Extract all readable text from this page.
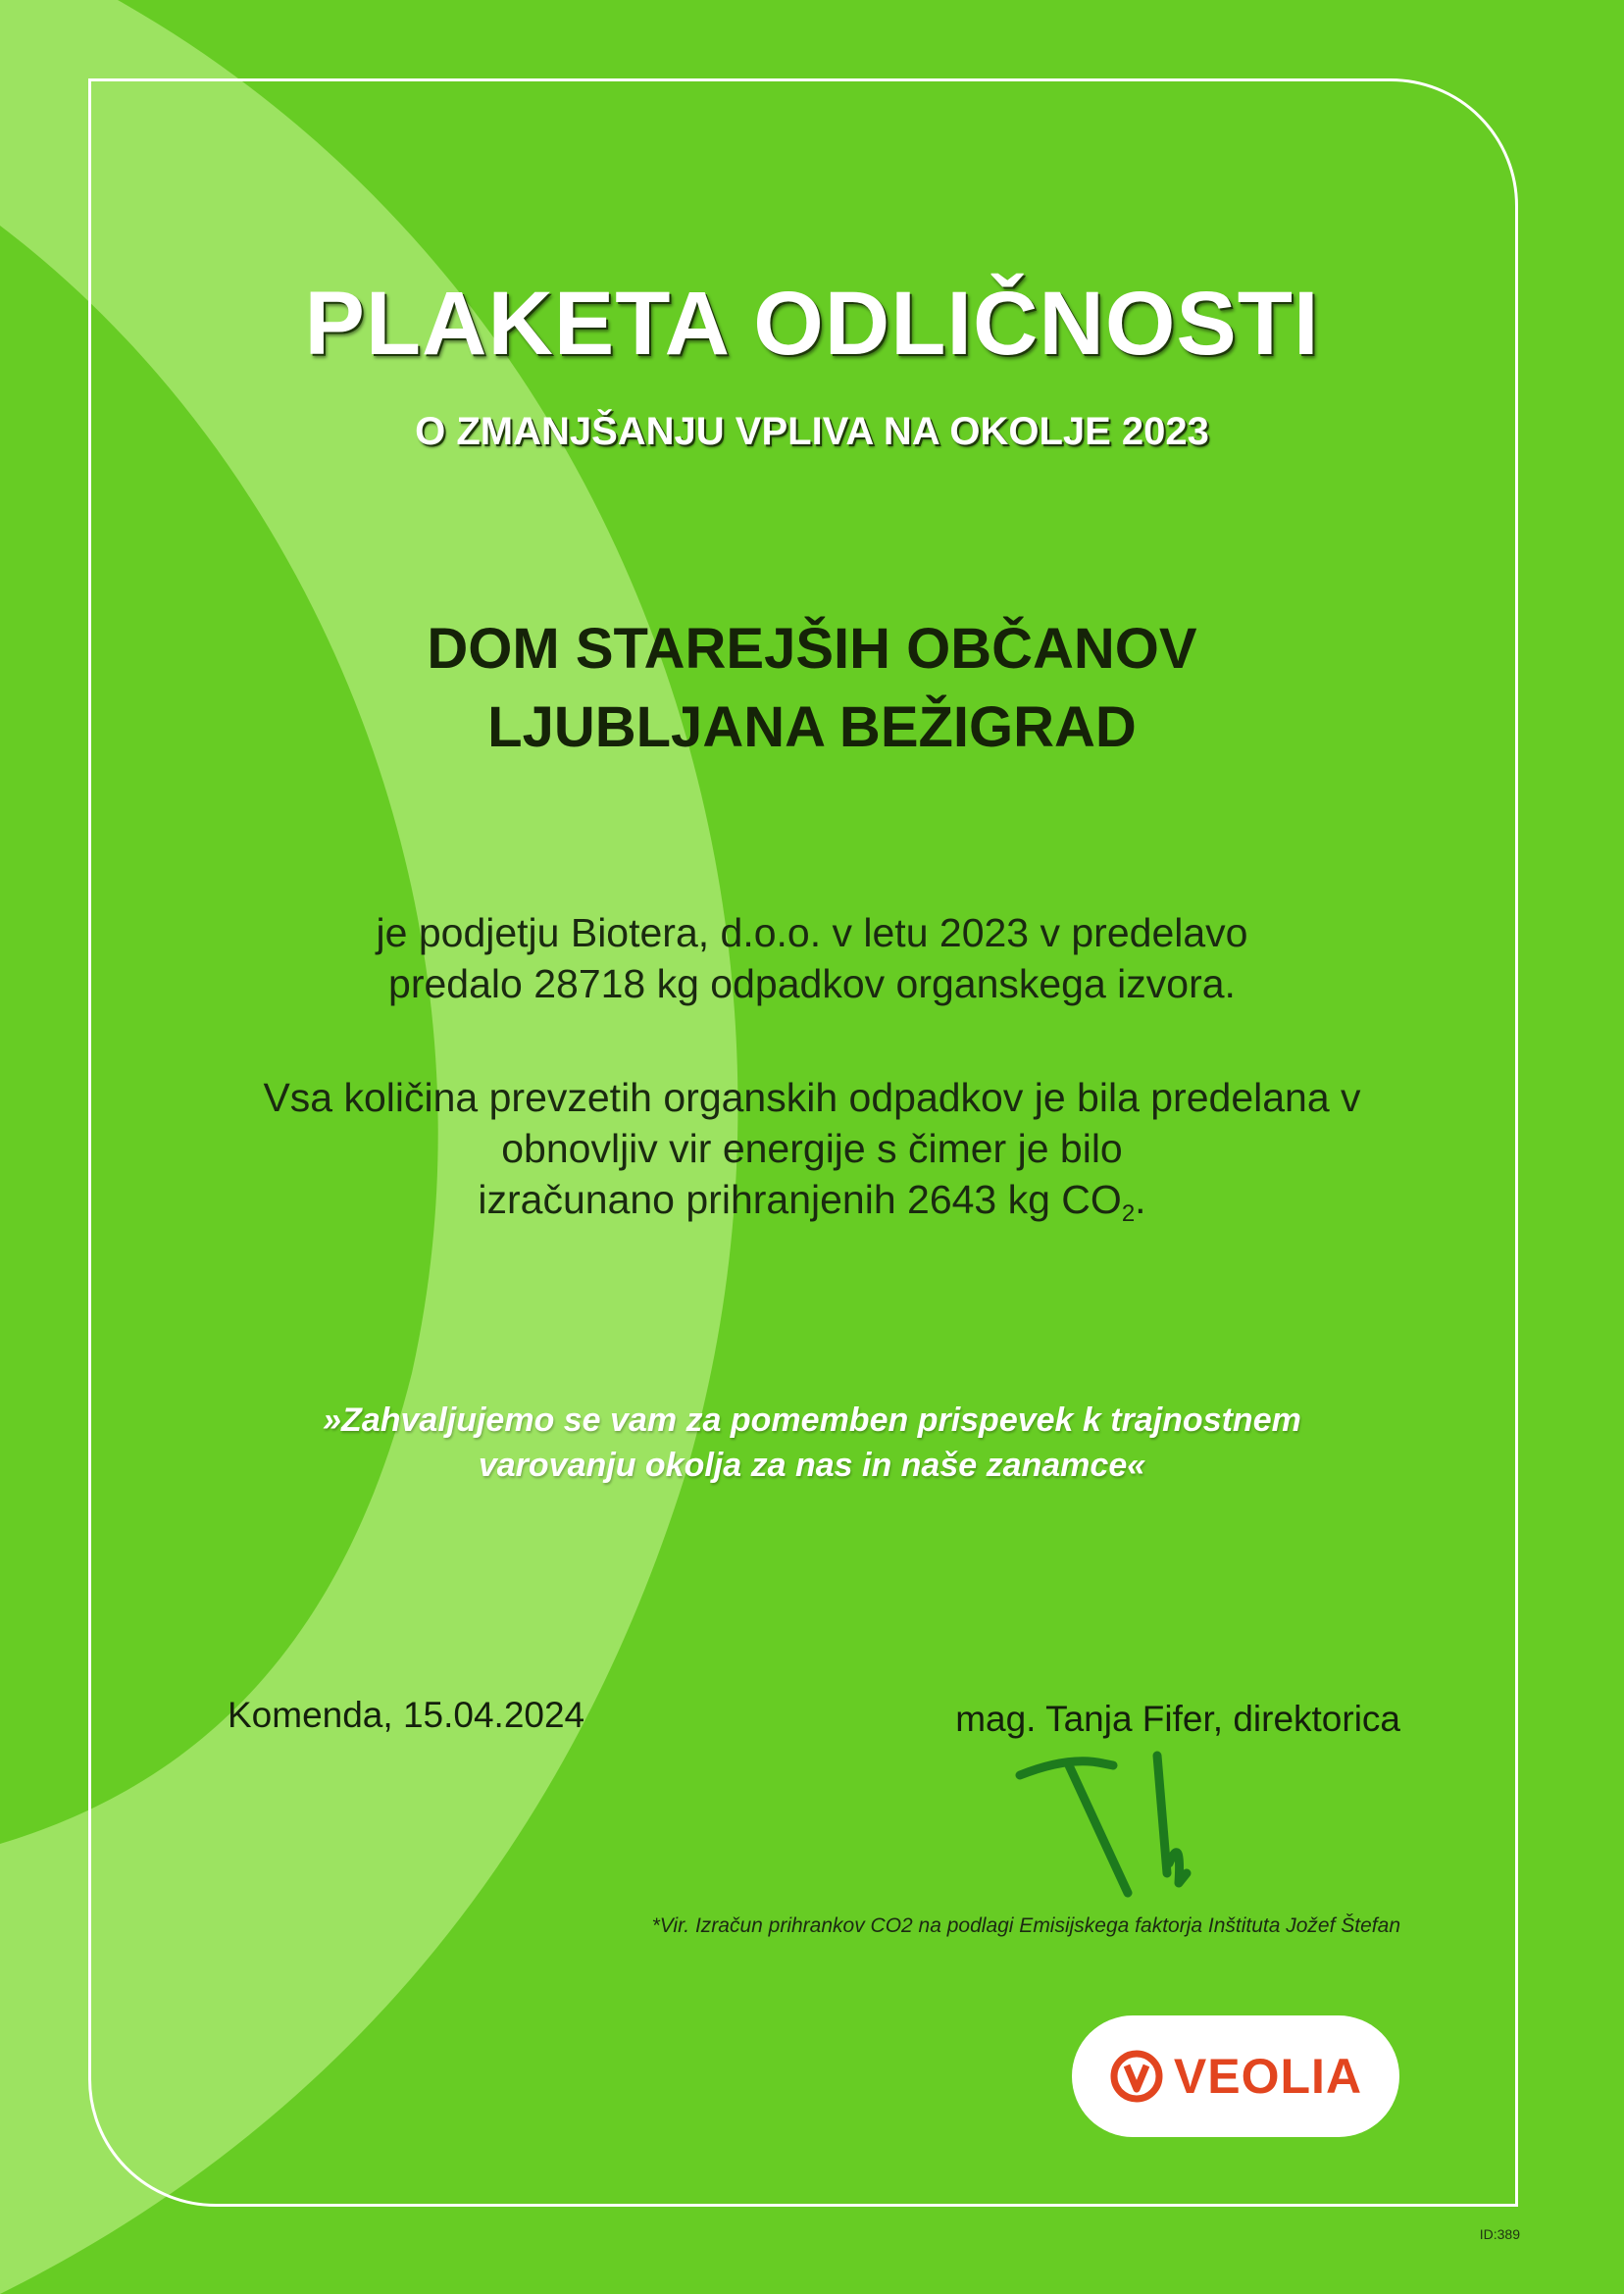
PLAKETA ODLIČNOSTI

O ZMANJŠANJU VPLIVA NA OKOLJE 2023

DOM STAREJŠIH OBČANOV

LJUBLJANA BEŽIGRAD

je podjetju Biotera, d.o.o. v letu 2023 v predelavo
predalo 28718 kg odpadkov organskega izvora.
Vsa količina prevzetih organskih odpadkov je bila predelana v
obnovljiv vir energije s čimer je bilo
izračunano prihranjenih 2643 kg $CO_2$.
»Zahvaljujemo se vam za pomemben prispevek k trajnostnem
varovanju okolja za nas in naše zanamce«
Komenda, 15.04.2024	mag. Tanja Fifer, direktorica
*Vir. Izračun prihrankov CO2 na podlagi Emisijskega faktorja Inštituta Jožef Štefan
VEOLIA
ID:389
